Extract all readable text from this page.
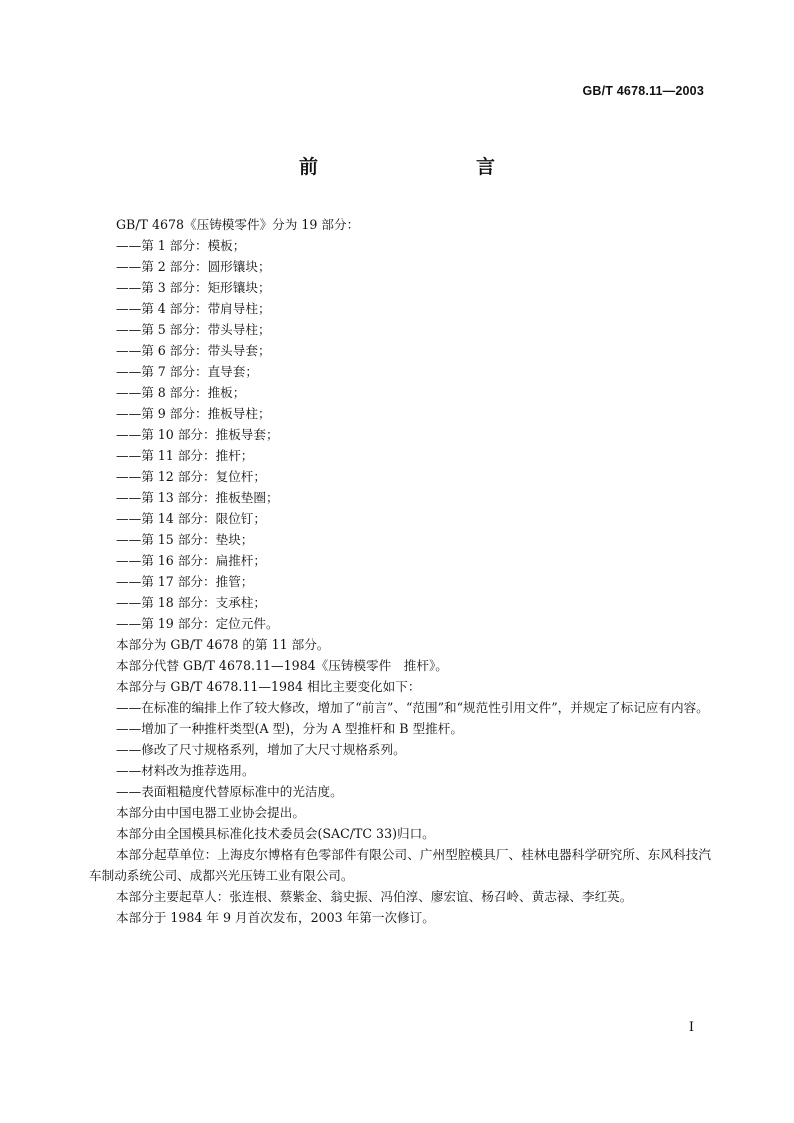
GB/T 4678.11—2003
前　　言

GB/T 4678《压铸模零件》分为 19 部分：

——第 1 部分：模板；

——第 2 部分：圆形镶块；

——第 3 部分：矩形镶块；

——第 4 部分：带肩导柱；

——第 5 部分：带头导柱；

——第 6 部分：带头导套；

——第 7 部分：直导套；

——第 8 部分：推板；

——第 9 部分：推板导柱；

——第 10 部分：推板导套；

——第 11 部分：推杆；

——第 12 部分：复位杆；

——第 13 部分：推板垫圈；

——第 14 部分：限位钉；

——第 15 部分：垫块；

——第 16 部分：扁推杆；

——第 17 部分：推管；

——第 18 部分：支承柱；

——第 19 部分：定位元件。

本部分为 GB/T 4678 的第 11 部分。

本部分代替 GB/T 4678.11—1984《压铸模零件　推杆》。

本部分与 GB/T 4678.11—1984 相比主要变化如下：

——在标准的编排上作了较大修改，增加了“前言”、“范围”和“规范性引用文件”，并规定了标记应有内容。

——增加了一种推杆类型(A 型)，分为 A 型推杆和 B 型推杆。

——修改了尺寸规格系列，增加了大尺寸规格系列。

——材料改为推荐选用。

——表面粗糙度代替原标准中的光洁度。

本部分由中国电器工业协会提出。

本部分由全国模具标准化技术委员会(SAC/TC 33)归口。

本部分起草单位：上海皮尔博格有色零部件有限公司、广州型腔模具厂、桂林电器科学研究所、东风科技汽车制动系统公司、成都兴光压铸工业有限公司。

本部分主要起草人：张连根、蔡紫金、翁史振、冯伯淳、廖宏谊、杨召岭、黄志禄、李红英。

本部分于 1984 年 9 月首次发布，2003 年第一次修订。

I
